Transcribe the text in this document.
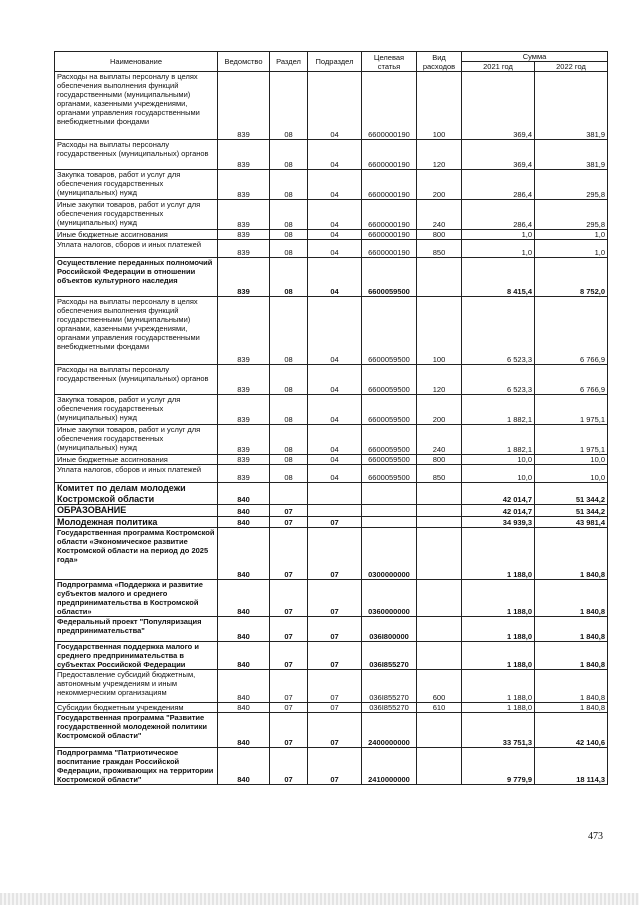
Наименование	Ведомство	Раздел	Подраздел	Целевая статья	Вид расходов	Сумма	
						2021 год	2022 год
Расходы на выплаты персоналу в целях обеспечения выполнения функций государственными (муниципальными) органами, казенными учреждениями, органами управления государственными внебюджетными фондами	839	08	04	6600000190	100	369,4	381,9
Расходы на выплаты персоналу государственных (муниципальных) органов	839	08	04	6600000190	120	369,4	381,9
Закупка товаров, работ и услуг для обеспечения государственных (муниципальных) нужд	839	08	04	6600000190	200	286,4	295,8
Иные закупки товаров, работ и услуг для обеспечения государственных (муниципальных) нужд	839	08	04	6600000190	240	286,4	295,8
Иные бюджетные ассигнования	839	08	04	6600000190	800	1,0	1,0
Уплата налогов, сборов и иных платежей	839	08	04	6600000190	850	1,0	1,0
Осуществление переданных полномочий Российской Федерации в отношении объектов культурного наследия	839	08	04	6600059500		8 415,4	8 752,0
Расходы на выплаты персоналу в целях обеспечения выполнения функций государственными (муниципальными) органами, казенными учреждениями, органами управления государственными внебюджетными фондами	839	08	04	6600059500	100	6 523,3	6 766,9
Расходы на выплаты персоналу государственных (муниципальных) органов	839	08	04	6600059500	120	6 523,3	6 766,9
Закупка товаров, работ и услуг для обеспечения государственных (муниципальных) нужд	839	08	04	6600059500	200	1 882,1	1 975,1
Иные закупки товаров, работ и услуг для обеспечения государственных (муниципальных) нужд	839	08	04	6600059500	240	1 882,1	1 975,1
Иные бюджетные ассигнования	839	08	04	6600059500	800	10,0	10,0
Уплата налогов, сборов и иных платежей	839	08	04	6600059500	850	10,0	10,0
Комитет по делам молодежи Костромской области	840					42 014,7	51 344,2
ОБРАЗОВАНИЕ	840	07				42 014,7	51 344,2
Молодежная политика	840	07	07			34 939,3	43 981,4
Государственная программа Костромской области «Экономическое развитие Костромской области на период до 2025 года»	840	07	07	0300000000		1 188,0	1 840,8
Подпрограмма «Поддержка и развитие субъектов малого и среднего предпринимательства в Костромской области»	840	07	07	0360000000		1 188,0	1 840,8
Федеральный проект "Популяризация предпринимательства"	840	07	07	036I800000		1 188,0	1 840,8
Государственная поддержка малого и среднего предпринимательства в субъектах Российской Федерации	840	07	07	036I855270		1 188,0	1 840,8
Предоставление субсидий бюджетным, автономным учреждениям и иным некоммерческим организациям	840	07	07	036I855270	600	1 188,0	1 840,8
Субсидии бюджетным учреждениям	840	07	07	036I855270	610	1 188,0	1 840,8
Государственная программа "Развитие государственной молодежной политики Костромской области"	840	07	07	2400000000		33 751,3	42 140,6
Подпрограмма "Патриотическое воспитание граждан Российской Федерации, проживающих на территории Костромской области"	840	07	07	2410000000		9 779,9	18 114,3
473
